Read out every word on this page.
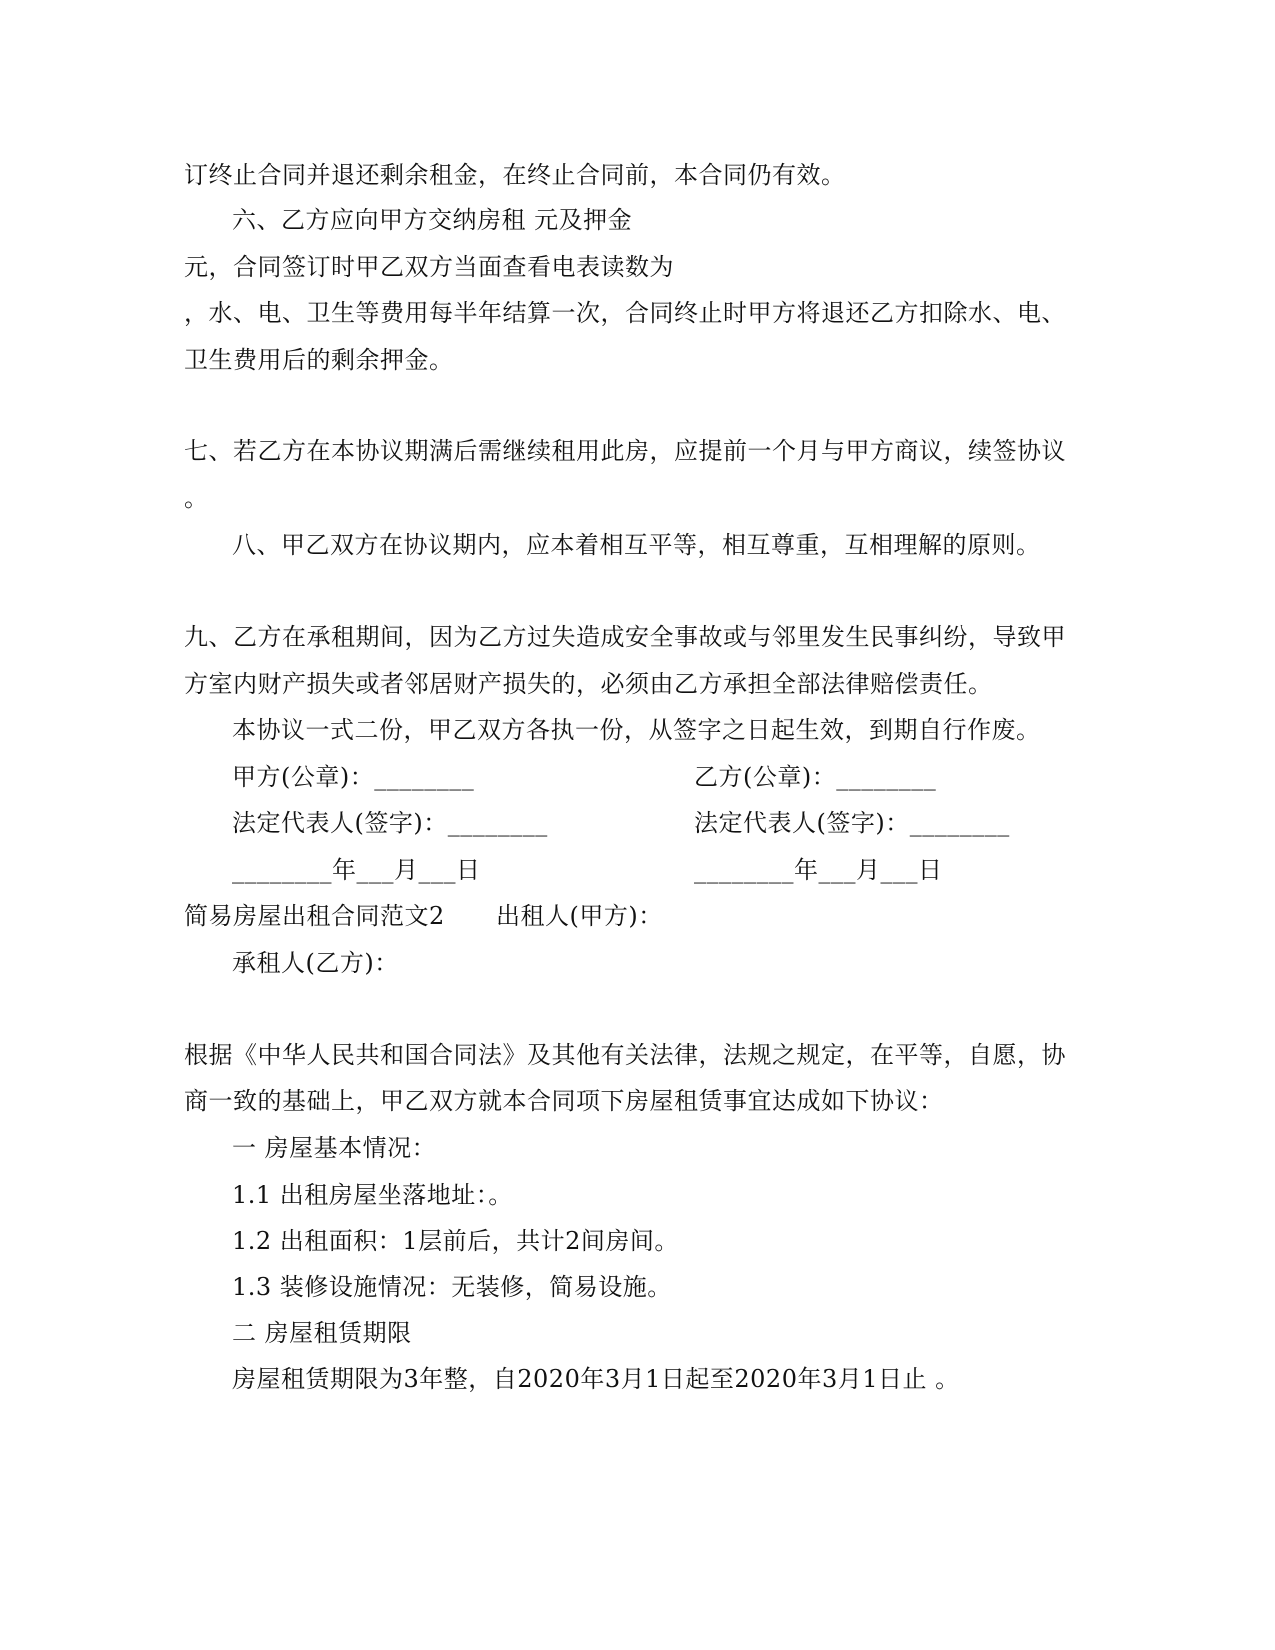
订终止合同并退还剩余租金，在终止合同前，本合同仍有效。
六、乙方应向甲方交纳房租 元及押金
元，合同签订时甲乙双方当面查看电表读数为
，水、电、卫生等费用每半年结算一次，合同终止时甲方将退还乙方扣除水、电、
卫生费用后的剩余押金。
七、若乙方在本协议期满后需继续租用此房，应提前一个月与甲方商议，续签协议
。
八、甲乙双方在协议期内，应本着相互平等，相互尊重，互相理解的原则。
九、乙方在承租期间，因为乙方过失造成安全事故或与邻里发生民事纠纷，导致甲
方室内财产损失或者邻居财产损失的，必须由乙方承担全部法律赔偿责任。
本协议一式二份，甲乙双方各执一份，从签字之日起生效，到期自行作废。
甲方(公章)：________	乙方(公章)：________
法定代表人(签字)：________	法定代表人(签字)：________
________年___月___日	________年___月___日
简易房屋出租合同范文2 出租人(甲方)：
承租人(乙方)：
根据《中华人民共和国合同法》及其他有关法律，法规之规定，在平等，自愿，协
商一致的基础上，甲乙双方就本合同项下房屋租赁事宜达成如下协议：
一 房屋基本情况：
1.1 出租房屋坐落地址：。
1.2 出租面积：1层前后，共计2间房间。
1.3 装修设施情况：无装修，简易设施。
二 房屋租赁期限
房屋租赁期限为3年整，自2020年3月1日起至2020年3月1日止 。
